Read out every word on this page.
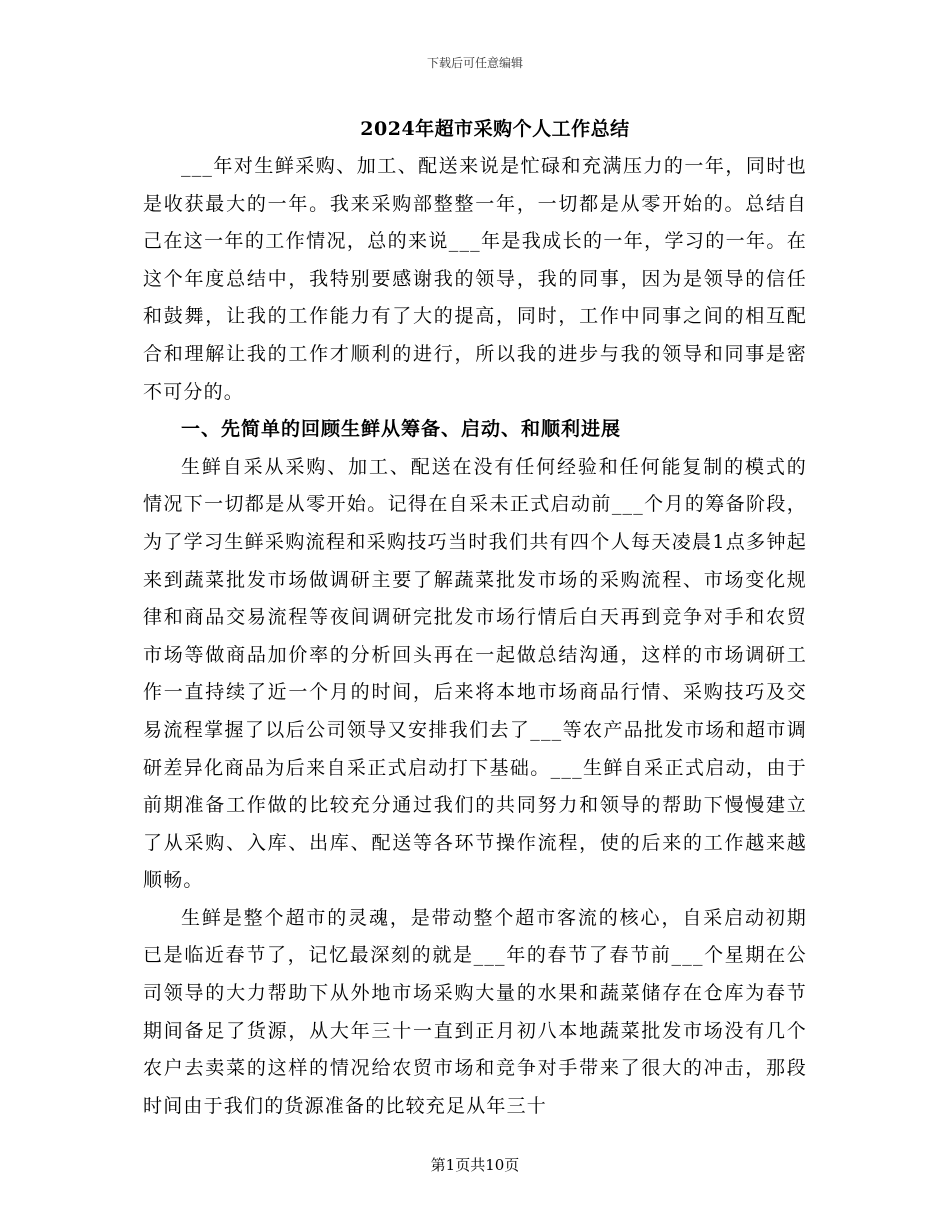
下载后可任意编辑
2024年超市采购个人工作总结

___年对生鲜采购、加工、配送来说是忙碌和充满压力的一年，同时也是收获最大的一年。我来采购部整整一年，一切都是从零开始的。总结自己在这一年的工作情况，总的来说___年是我成长的一年，学习的一年。在这个年度总结中，我特别要感谢我的领导，我的同事，因为是领导的信任和鼓舞，让我的工作能力有了大的提高，同时，工作中同事之间的相互配合和理解让我的工作才顺利的进行，所以我的进步与我的领导和同事是密不可分的。

一、先简单的回顾生鲜从筹备、启动、和顺利进展

生鲜自采从采购、加工、配送在没有任何经验和任何能复制的模式的情况下一切都是从零开始。记得在自采未正式启动前___个月的筹备阶段，为了学习生鲜采购流程和采购技巧当时我们共有四个人每天凌晨1点多钟起来到蔬菜批发市场做调研主要了解蔬菜批发市场的采购流程、市场变化规律和商品交易流程等夜间调研完批发市场行情后白天再到竞争对手和农贸市场等做商品加价率的分析回头再在一起做总结沟通，这样的市场调研工作一直持续了近一个月的时间，后来将本地市场商品行情、采购技巧及交易流程掌握了以后公司领导又安排我们去了___等农产品批发市场和超市调研差异化商品为后来自采正式启动打下基础。___生鲜自采正式启动，由于前期准备工作做的比较充分通过我们的共同努力和领导的帮助下慢慢建立了从采购、入库、出库、配送等各环节操作流程，使的后来的工作越来越顺畅。

生鲜是整个超市的灵魂，是带动整个超市客流的核心，自采启动初期已是临近春节了，记忆最深刻的就是___年的春节了春节前___个星期在公司领导的大力帮助下从外地市场采购大量的水果和蔬菜储存在仓库为春节期间备足了货源，从大年三十一直到正月初八本地蔬菜批发市场没有几个农户去卖菜的这样的情况给农贸市场和竞争对手带来了很大的冲击，那段时间由于我们的货源准备的比较充足从年三十

第1页共10页
